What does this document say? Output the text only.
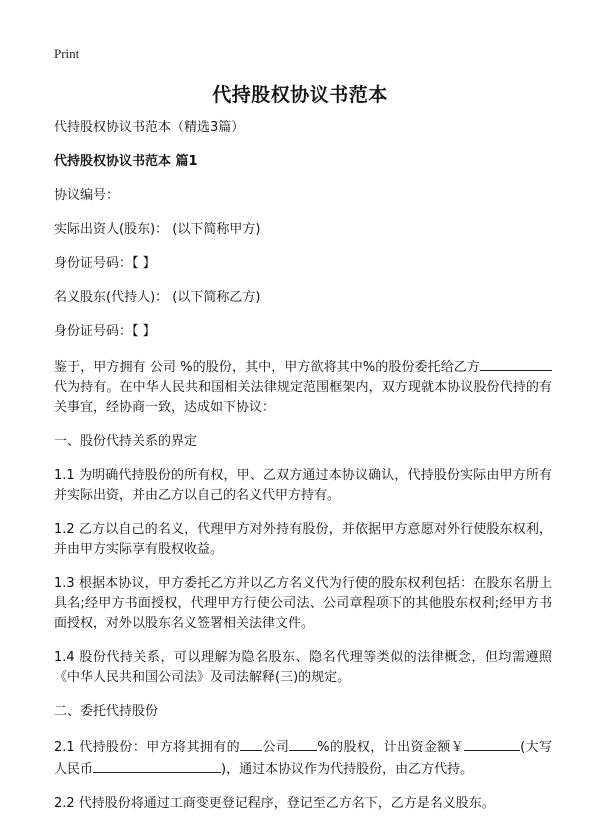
Print
代持股权协议书范本

代持股权协议书范本（精选3篇）

代持股权协议书范本 篇1

协议编号：

实际出资人(股东)： (以下简称甲方)

身份证号码：【 】

名义股东(代持人)： (以下简称乙方)

身份证号码：【 】

鉴于，甲方拥有 公司 %的股份，其中，甲方欲将其中%的股份委托给乙方代为持有。在中华人民共和国相关法律规定范围框架内，双方现就本协议股份代持的有关事宜，经协商一致，达成如下协议：

一、股份代持关系的界定

1.1 为明确代持股份的所有权，甲、乙双方通过本协议确认，代持股份实际由甲方所有并实际出资，并由乙方以自己的名义代甲方持有。

1.2 乙方以自己的名义，代理甲方对外持有股份，并依据甲方意愿对外行使股东权利，并由甲方实际享有股权收益。

1.3 根据本协议，甲方委托乙方并以乙方名义代为行使的股东权利包括：在股东名册上具名;经甲方书面授权，代理甲方行使公司法、公司章程项下的其他股东权利;经甲方书面授权，对外以股东名义签署相关法律文件。

1.4 股份代持关系，可以理解为隐名股东、隐名代理等类似的法律概念，但均需遵照《中华人民共和国公司法》及司法解释(三)的规定。

二、委托代持股份

2.1 代持股份：甲方将其拥有的 公司 %的股权，计出资金额￥	(大写人民币	)，通过本协议作为代持股份，由乙方代持。

2.2 代持股份将通过工商变更登记程序，登记至乙方名下，乙方是名义股东。
